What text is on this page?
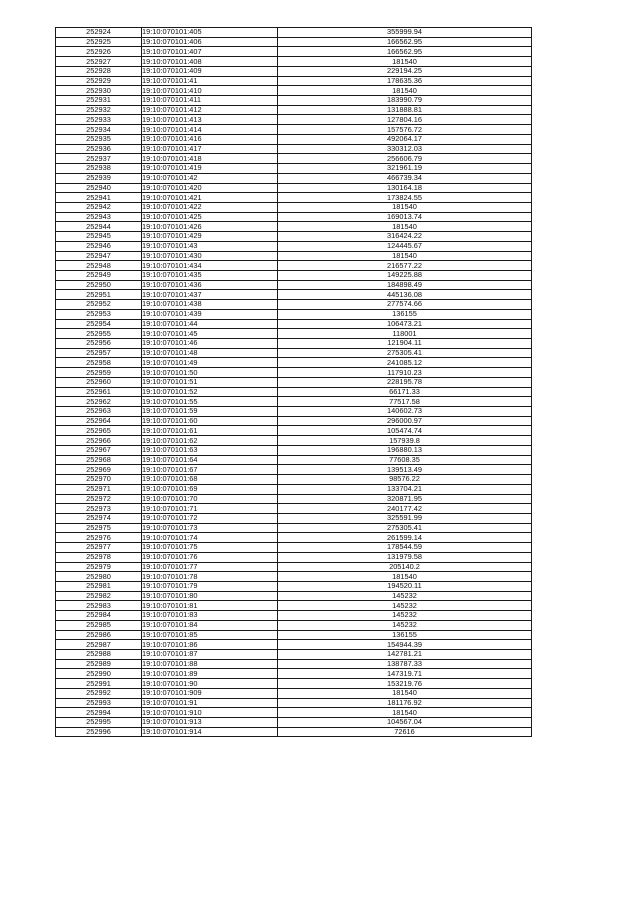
252924	19:10:070101:405	355999.94
252925	19:10:070101:406	166562.95
252926	19:10:070101:407	166562.95
252927	19:10:070101:408	181540
252928	19:10:070101:409	229194.25
252929	19:10:070101:41	178635.36
252930	19:10:070101:410	181540
252931	19:10:070101:411	183990.79
252932	19:10:070101:412	131888.81
252933	19:10:070101:413	127804.16
252934	19:10:070101:414	157576.72
252935	19:10:070101:416	492064.17
252936	19:10:070101:417	330312.03
252937	19:10:070101:418	256606.79
252938	19:10:070101:419	321961.19
252939	19:10:070101:42	466739.34
252940	19:10:070101:420	130164.18
252941	19:10:070101:421	173824.55
252942	19:10:070101:422	181540
252943	19:10:070101:425	169013.74
252944	19:10:070101:426	181540
252945	19:10:070101:429	316424.22
252946	19:10:070101:43	124445.67
252947	19:10:070101:430	181540
252948	19:10:070101:434	216577.22
252949	19:10:070101:435	149225.88
252950	19:10:070101:436	184898.49
252951	19:10:070101:437	445136.08
252952	19:10:070101:438	277574.66
252953	19:10:070101:439	136155
252954	19:10:070101:44	106473.21
252955	19:10:070101:45	118001
252956	19:10:070101:46	121904.11
252957	19:10:070101:48	275305.41
252958	19:10:070101:49	241085.12
252959	19:10:070101:50	117910.23
252960	19:10:070101:51	228195.78
252961	19:10:070101:52	66171.33
252962	19:10:070101:55	77517.58
252963	19:10:070101:59	140602.73
252964	19:10:070101:60	296000.97
252965	19:10:070101:61	105474.74
252966	19:10:070101:62	157939.8
252967	19:10:070101:63	196880.13
252968	19:10:070101:64	77608.35
252969	19:10:070101:67	139513.49
252970	19:10:070101:68	98576.22
252971	19:10:070101:69	133704.21
252972	19:10:070101:70	320871.95
252973	19:10:070101:71	240177.42
252974	19:10:070101:72	325591.99
252975	19:10:070101:73	275305.41
252976	19:10:070101:74	261599.14
252977	19:10:070101:75	178544.59
252978	19:10:070101:76	131979.58
252979	19:10:070101:77	205140.2
252980	19:10:070101:78	181540
252981	19:10:070101:79	194520.11
252982	19:10:070101:80	145232
252983	19:10:070101:81	145232
252984	19:10:070101:83	145232
252985	19:10:070101:84	145232
252986	19:10:070101:85	136155
252987	19:10:070101:86	154944.39
252988	19:10:070101:87	142781.21
252989	19:10:070101:88	138787.33
252990	19:10:070101:89	147319.71
252991	19:10:070101:90	153219.76
252992	19:10:070101:909	181540
252993	19:10:070101:91	181176.92
252994	19:10:070101:910	181540
252995	19:10:070101:913	104567.04
252996	19:10:070101:914	72616
